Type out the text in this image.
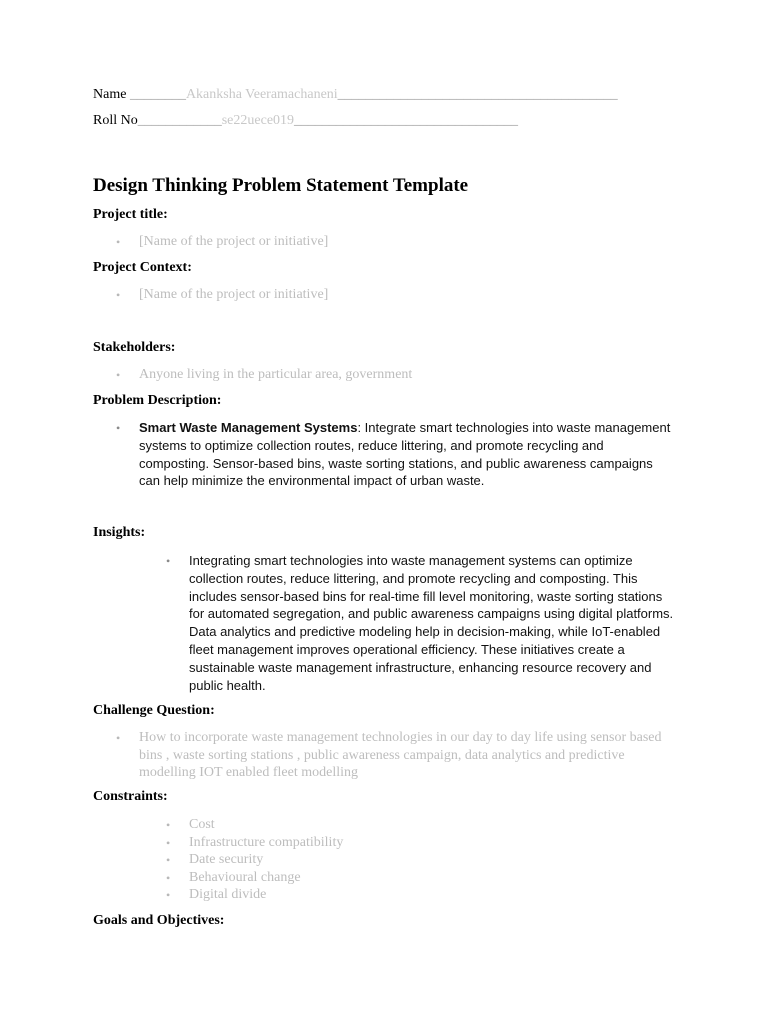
Name ________Akanksha Veeramachaneni________________________________________
Roll No____________se22uece019________________________________
Design Thinking Problem Statement Template
Project title:
• [Name of the project or initiative]
Project Context:
• [Name of the project or initiative]
Stakeholders:
• Anyone living in the particular area, government
Problem Description:
• Smart Waste Management Systems: Integrate smart technologies into waste management systems to optimize collection routes, reduce littering, and promote recycling and composting. Sensor-based bins, waste sorting stations, and public awareness campaigns can help minimize the environmental impact of urban waste.
Insights:
• Integrating smart technologies into waste management systems can optimize collection routes, reduce littering, and promote recycling and composting. This includes sensor-based bins for real-time fill level monitoring, waste sorting stations for automated segregation, and public awareness campaigns using digital platforms. Data analytics and predictive modeling help in decision-making, while IoT-enabled fleet management improves operational efficiency. These initiatives create a sustainable waste management infrastructure, enhancing resource recovery and public health.
Challenge Question:
• How to incorporate waste management technologies in our day to day life using sensor based bins , waste sorting stations , public awareness campaign, data analytics and predictive modelling IOT enabled fleet modelling
Constraints:
• Cost
• Infrastructure compatibility
• Date security
• Behavioural change
• Digital divide
Goals and Objectives:
